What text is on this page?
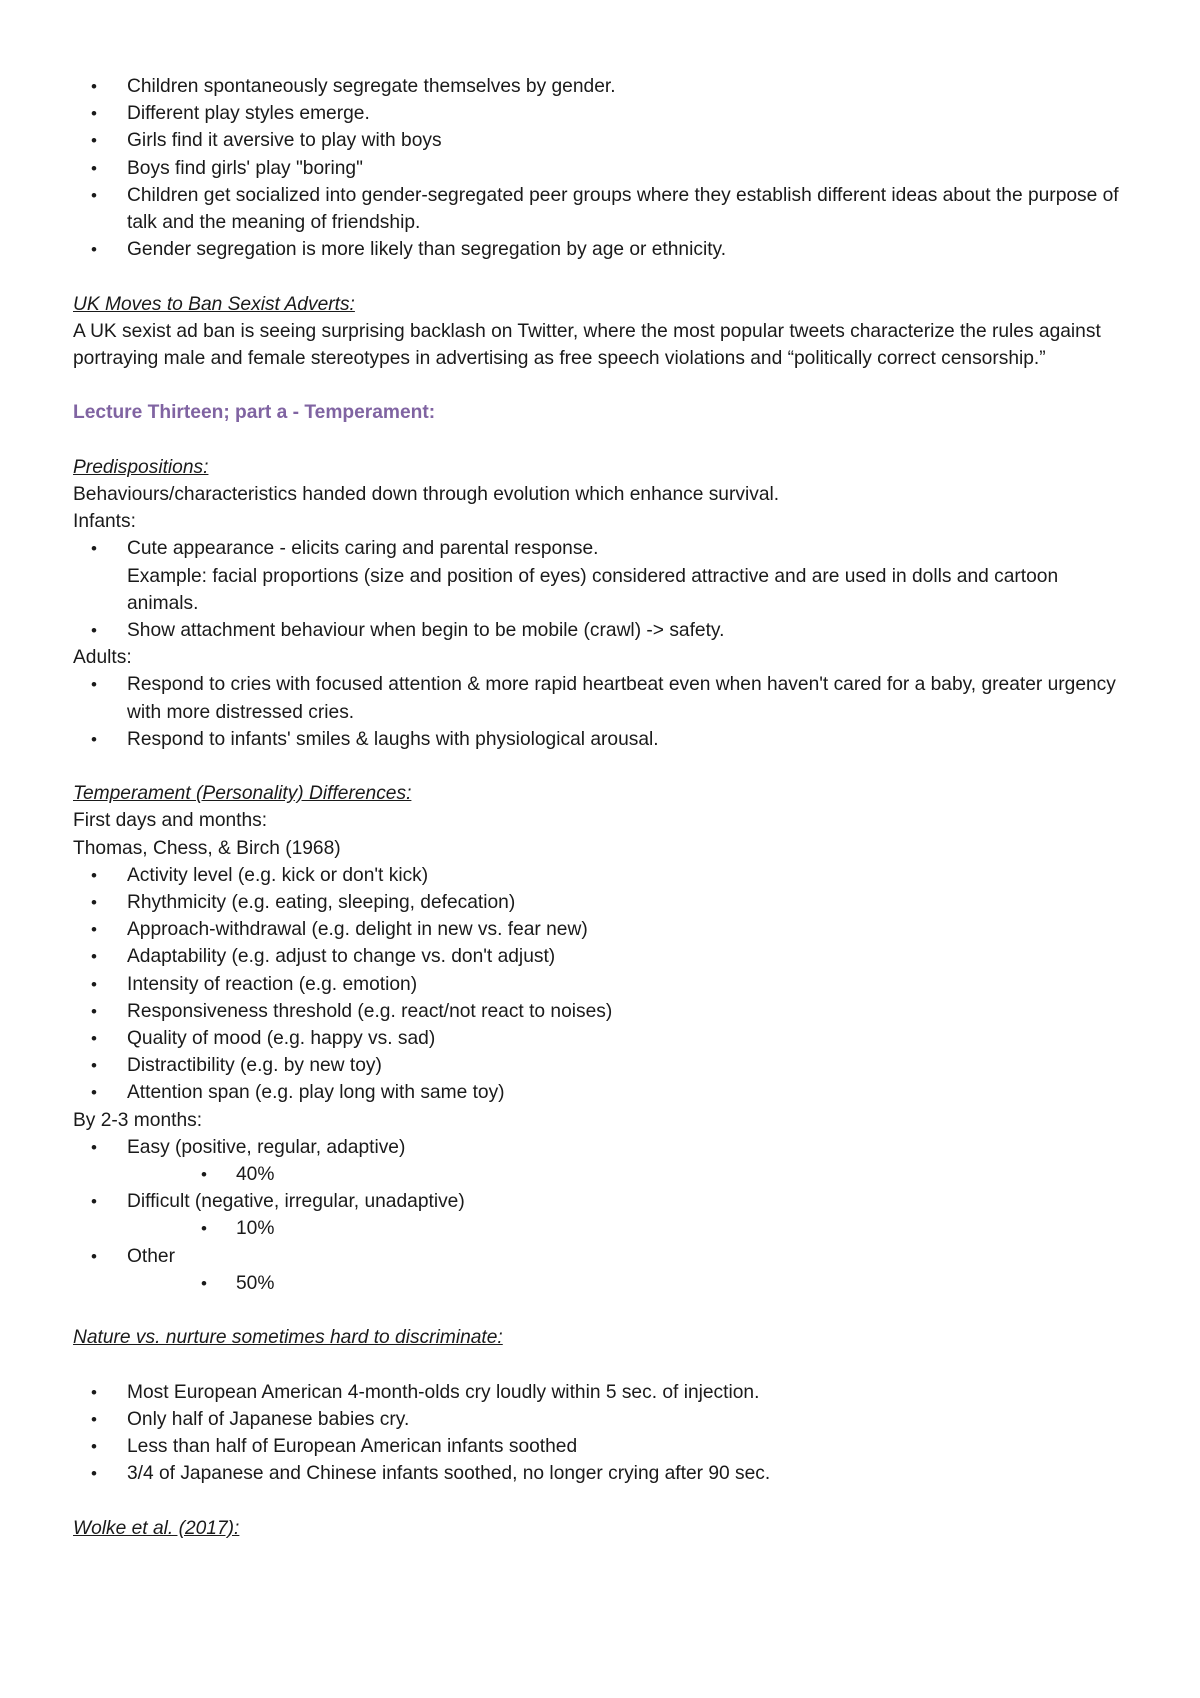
• Children spontaneously segregate themselves by gender.
• Different play styles emerge.
• Girls find it aversive to play with boys
• Boys find girls' play "boring"
• Children get socialized into gender-segregated peer groups where they establish different ideas about the purpose of talk and the meaning of friendship.
• Gender segregation is more likely than segregation by age or ethnicity.

UK Moves to Ban Sexist Adverts:

A UK sexist ad ban is seeing surprising backlash on Twitter, where the most popular tweets characterize the rules against portraying male and female stereotypes in advertising as free speech violations and “politically correct censorship.”

Lecture Thirteen; part a - Temperament:

Predispositions:

Behaviours/characteristics handed down through evolution which enhance survival.

Infants:

• Cute appearance - elicits caring and parental response.
Example: facial proportions (size and position of eyes) considered attractive and are used in dolls and cartoon animals.
• Show attachment behaviour when begin to be mobile (crawl) -> safety.

Adults:

• Respond to cries with focused attention & more rapid heartbeat even when haven't cared for a baby, greater urgency with more distressed cries.
• Respond to infants' smiles & laughs with physiological arousal.

Temperament (Personality) Differences:

First days and months:

Thomas, Chess, & Birch (1968)

• Activity level (e.g. kick or don't kick)
• Rhythmicity (e.g. eating, sleeping, defecation)
• Approach-withdrawal (e.g. delight in new vs. fear new)
• Adaptability (e.g. adjust to change vs. don't adjust)
• Intensity of reaction (e.g. emotion)
• Responsiveness threshold (e.g. react/not react to noises)
• Quality of mood (e.g. happy vs. sad)
• Distractibility (e.g. by new toy)
• Attention span (e.g. play long with same toy)

By 2-3 months:

• Easy (positive, regular, adaptive)
• 40%
• Difficult (negative, irregular, unadaptive)
• 10%
• Other
• 50%

Nature vs. nurture sometimes hard to discriminate:

• Most European American 4-month-olds cry loudly within 5 sec. of injection.
• Only half of Japanese babies cry.
• Less than half of European American infants soothed
• 3/4 of Japanese and Chinese infants soothed, no longer crying after 90 sec.

Wolke et al. (2017):
